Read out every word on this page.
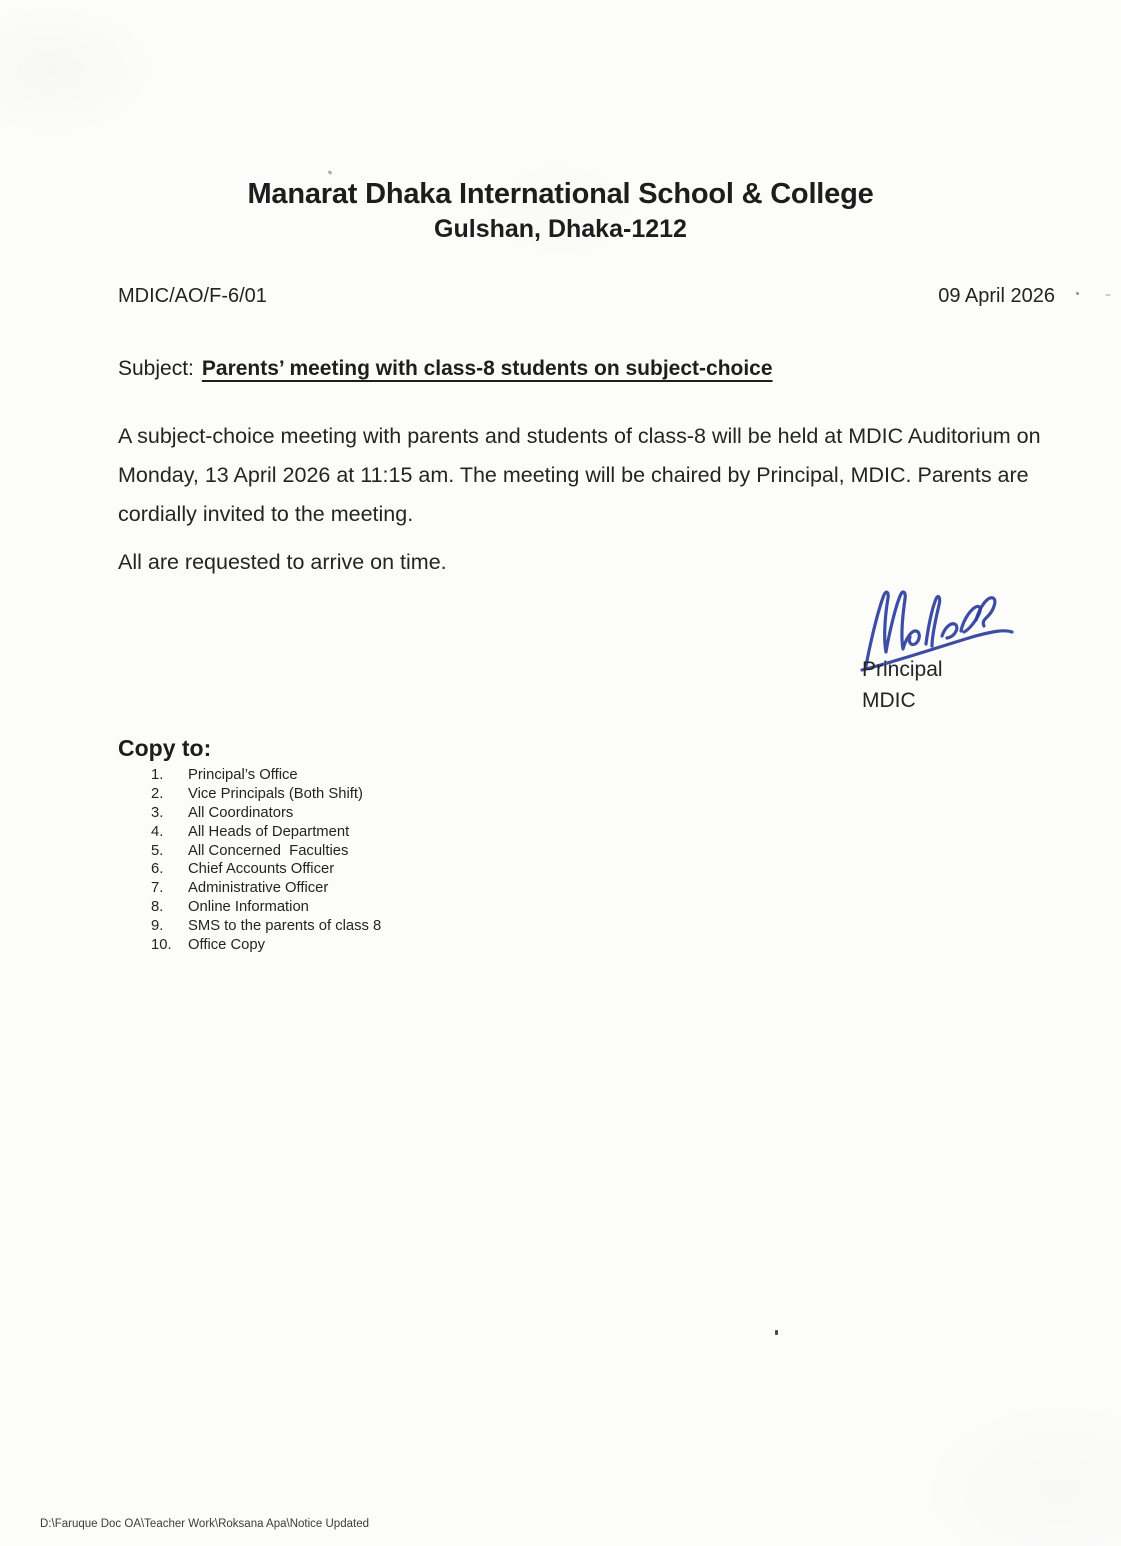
Manarat Dhaka International School & College
Gulshan, Dhaka-1212
MDIC/AO/F-6/01	09 April 2026
Subject: Parents’ meeting with class-8 students on subject-choice

A subject-choice meeting with parents and students of class-8 will be held at MDIC Auditorium on Monday, 13 April 2026 at 11:15 am. The meeting will be chaired by Principal, MDIC. Parents are cordially invited to the meeting.

All are requested to arrive on time.

Principal
MDIC
Copy to:
1.	Principal’s Office
2.	Vice Principals (Both Shift)
3.	All Coordinators
4.	All Heads of Department
5.	All Concerned  Faculties
6.	Chief Accounts Officer
7.	Administrative Officer
8.	Online Information
9.	SMS to the parents of class 8
10.	Office Copy
D:\Faruque Doc OA\Teacher Work\Roksana Apa\Notice Updated
